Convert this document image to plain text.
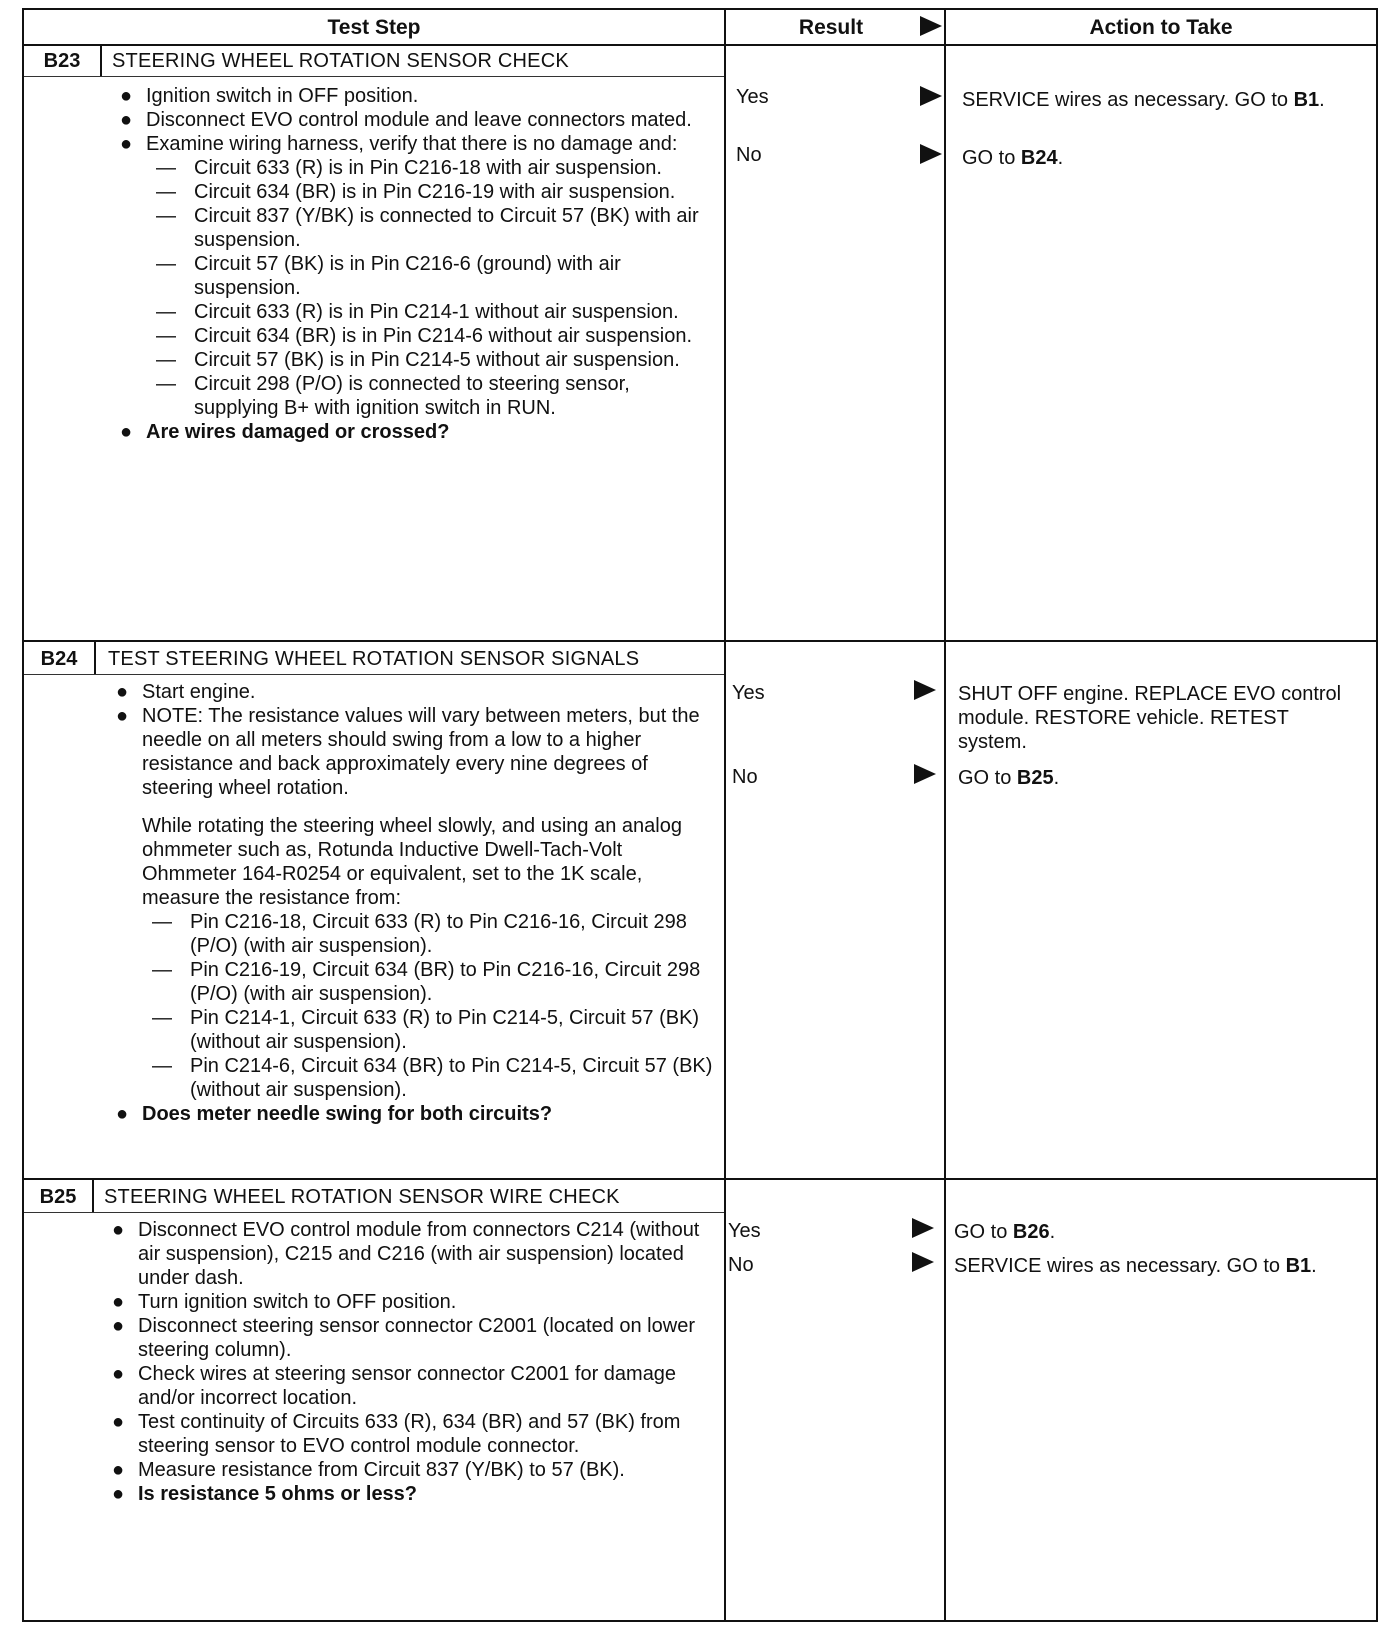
Test Step	Result	Action to Take
B23	STEERING WHEEL ROTATION SENSOR CHECK

● Ignition switch in OFF position.

● Disconnect EVO control module and leave connectors mated.

● Examine wiring harness, verify that there is no damage and:

— Circuit 633 (R) is in Pin C216-18 with air suspension.

— Circuit 634 (BR) is in Pin C216-19 with air suspension.

— Circuit 837 (Y/BK) is connected to Circuit 57 (BK) with air suspension.

— Circuit 57 (BK) is in Pin C216-6 (ground) with air suspension.

— Circuit 633 (R) is in Pin C214-1 without air suspension.

— Circuit 634 (BR) is in Pin C214-6 without air suspension.

— Circuit 57 (BK) is in Pin C214-5 without air suspension.

— Circuit 298 (P/O) is connected to steering sensor, supplying B+ with ignition switch in RUN.

● Are wires damaged or crossed?

Yes	SERVICE wires as necessary. GO to B1.
No	GO to B24.
B24	TEST STEERING WHEEL ROTATION SENSOR SIGNALS

● Start engine.

● NOTE: The resistance values will vary between meters, but the needle on all meters should swing from a low to a higher resistance and back approximately every nine degrees of steering wheel rotation.

While rotating the steering wheel slowly, and using an analog ohmmeter such as, Rotunda Inductive Dwell-Tach-Volt Ohmmeter 164-R0254 or equivalent, set to the 1K scale, measure the resistance from:

— Pin C216-18, Circuit 633 (R) to Pin C216-16, Circuit 298 (P/O) (with air suspension).

— Pin C216-19, Circuit 634 (BR) to Pin C216-16, Circuit 298 (P/O) (with air suspension).

— Pin C214-1, Circuit 633 (R) to Pin C214-5, Circuit 57 (BK) (without air suspension).

— Pin C214-6, Circuit 634 (BR) to Pin C214-5, Circuit 57 (BK) (without air suspension).

● Does meter needle swing for both circuits?

Yes	SHUT OFF engine. REPLACE EVO control module. RESTORE vehicle. RETEST system.
No	GO to B25.
B25	STEERING WHEEL ROTATION SENSOR WIRE CHECK

● Disconnect EVO control module from connectors C214 (without air suspension), C215 and C216 (with air suspension) located under dash.

● Turn ignition switch to OFF position.

● Disconnect steering sensor connector C2001 (located on lower steering column).

● Check wires at steering sensor connector C2001 for damage and/or incorrect location.

● Test continuity of Circuits 633 (R), 634 (BR) and 57 (BK) from steering sensor to EVO control module connector.

● Measure resistance from Circuit 837 (Y/BK) to 57 (BK).

● Is resistance 5 ohms or less?

Yes	GO to B26.
No	SERVICE wires as necessary. GO to B1.
